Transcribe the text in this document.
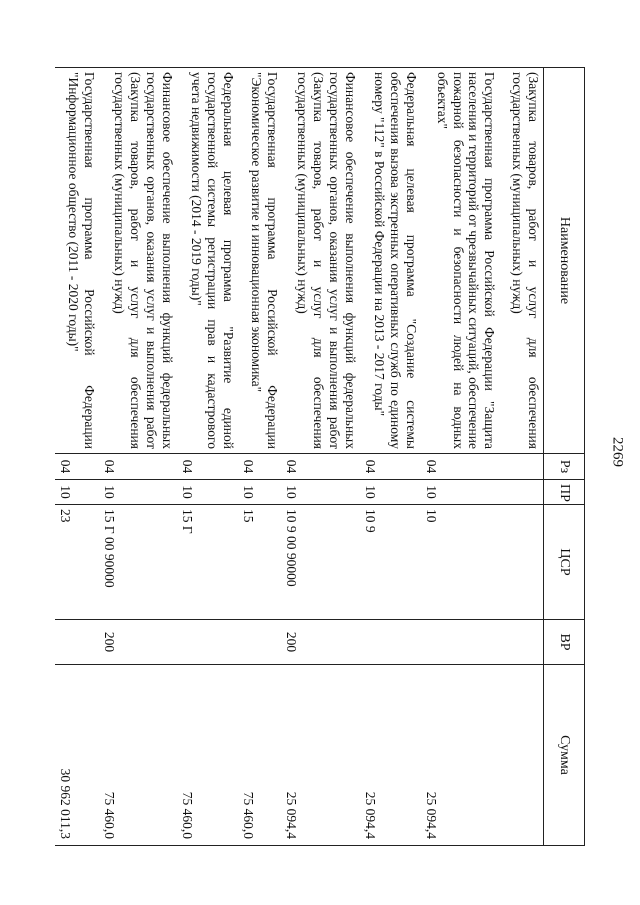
2269
Наименование	Рз	ПР	ЦСР	ВР	Сумма
(Закупка товаров, работ и услуг для обеспечения государственных (муниципальных) нужд)					
Государственная программа Российской Федерации "Защита населения и территорий от чрезвычайных ситуаций, обеспечение пожарной безопасности и безопасности людей на водных объектах"	04	10	10		25 094,4
Федеральная целевая программа "Создание системы обеспечения вызова экстренных оперативных служб по единому номеру "112" в Российской Федерации на 2013 - 2017 годы"	04	10	10 9		25 094,4
Финансовое обеспечение выполнения функций федеральных государственных органов, оказания услуг и выполнения работ (Закупка товаров, работ и услуг для обеспечения государственных (муниципальных) нужд)	04	10	10 9 00 90000	200	25 094,4
Государственная программа Российской Федерации "Экономическое развитие и инновационная экономика"	04	10	15		75 460,0
Федеральная целевая программа "Развитие единой государственной системы регистрации прав и кадастрового учета недвижимости (2014 - 2019 годы)"	04	10	15 Г		75 460,0
Финансовое обеспечение выполнения функций федеральных государственных органов, оказания услуг и выполнения работ (Закупка товаров, работ и услуг для обеспечения государственных (муниципальных) нужд)	04	10	15 Г 00 90000	200	75 460,0
Государственная программа Российской Федерации "Информационное общество (2011 - 2020 годы)"	04	10	23		30 962 011,3
